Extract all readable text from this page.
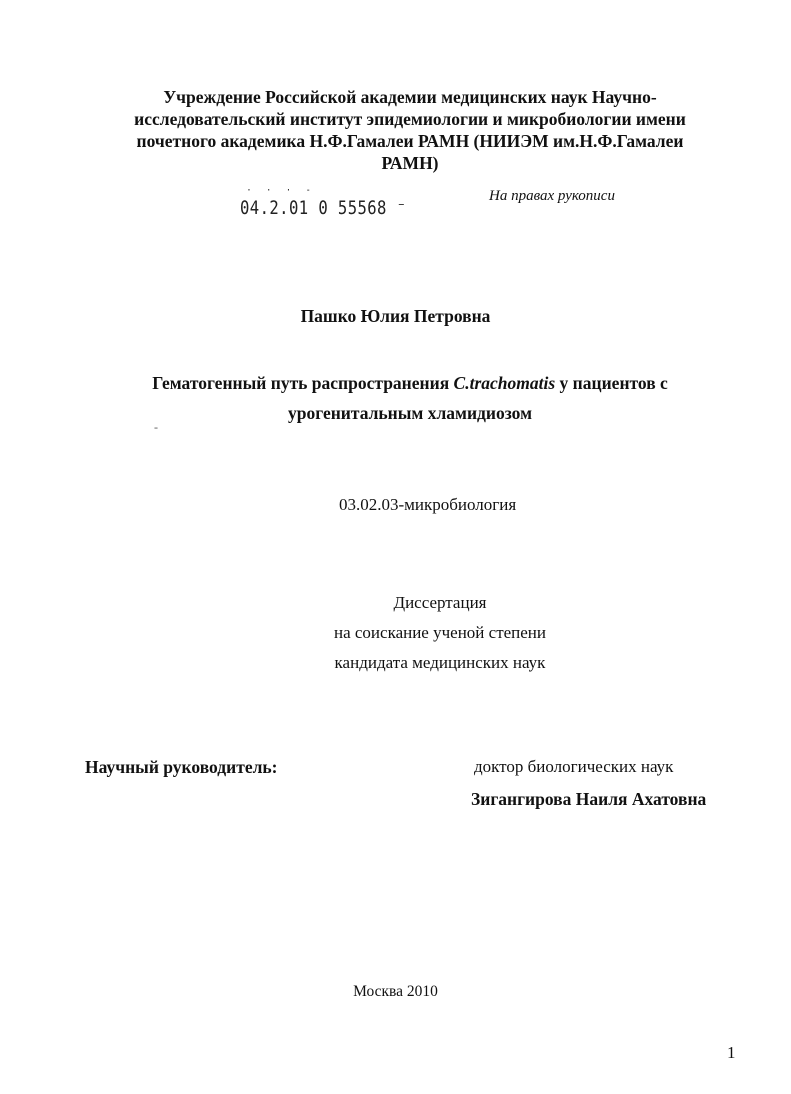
Учреждение Российской академии медицинских наук Научно-
исследовательский институт эпидемиологии и микробиологии имени
почетного академика Н.Ф.Гамалеи РАМН (НИИЭМ им.Н.Ф.Гамалеи
РАМН)
· · · -
04.2.01 0 55568 ⁻
На правах рукописи
Пашко Юлия Петровна
Гематогенный путь распространения C.trachomatis у пациентов с
урогенитальным хламидиозом
-
03.02.03-микробиология
Диссертация
на соискание ученой степени
кандидата медицинских наук
Научный руководитель:	доктор биологических наук
Зигангирова Наиля Ахатовна
Москва 2010
1
